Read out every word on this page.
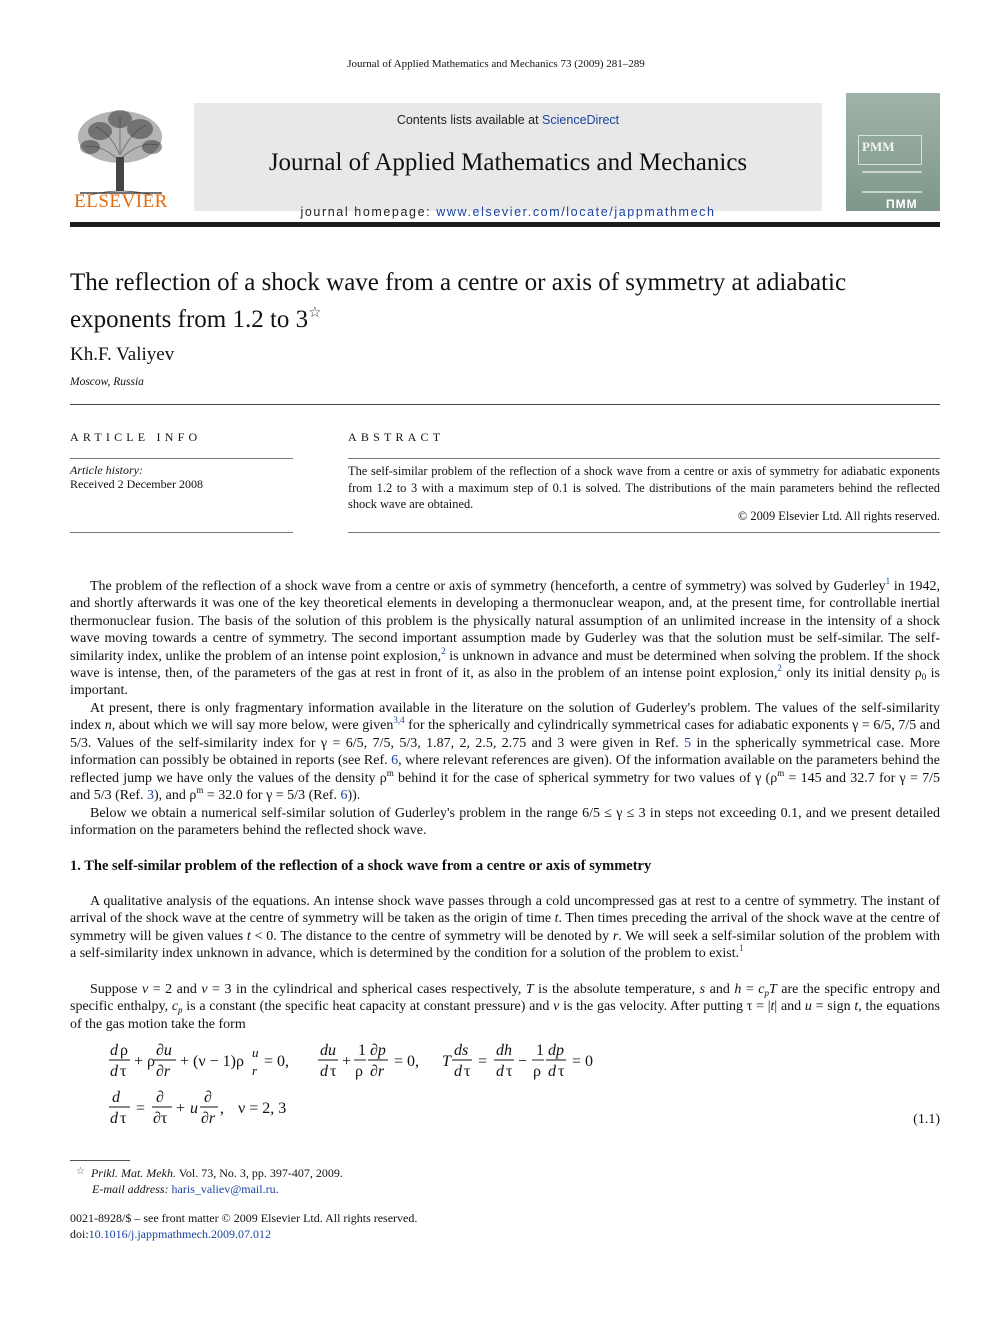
Journal of Applied Mathematics and Mechanics 73 (2009) 281–289
ELSEVIER
Contents lists available at ScienceDirect
Journal of Applied Mathematics and Mechanics
journal homepage: www.elsevier.com/locate/jappmathmech
PMM
ПММ
The reflection of a shock wave from a centre or axis of symmetry at adiabatic exponents from 1.2 to 3☆
Kh.F. Valiyev
Moscow, Russia
ARTICLE INFO	ABSTRACT
Article history:
Received 2 December 2008
The self-similar problem of the reflection of a shock wave from a centre or axis of symmetry for adiabatic exponents from 1.2 to 3 with a maximum step of 0.1 is solved. The distributions of the main parameters behind the reflected shock wave are obtained.
© 2009 Elsevier Ltd. All rights reserved.

The problem of the reflection of a shock wave from a centre or axis of symmetry (henceforth, a centre of symmetry) was solved by Guderley$^1$ in 1942, and shortly afterwards it was one of the key theoretical elements in developing a thermonuclear weapon, and, at the present time, for controllable inertial thermonuclear fusion. The basis of the solution of this problem is the physically natural assumption of an unlimited increase in the intensity of a shock wave moving towards a centre of symmetry. The second important assumption made by Guderley was that the solution must be self-similar. The self-similarity index, unlike the problem of an intense point explosion,$^2$ is unknown in advance and must be determined when solving the problem. If the shock wave is intense, then, of the parameters of the gas at rest in front of it, as also in the problem of an intense point explosion,$^2$ only its initial density $\rho_0$ is important.

At present, there is only fragmentary information available in the literature on the solution of Guderley's problem. The values of the self-similarity index n, about which we will say more below, were given$^{3,4}$ for the spherically and cylindrically symmetrical cases for adiabatic exponents γ = 6/5, 7/5 and 5/3. Values of the self-similarity index for γ = 6/5, 7/5, 5/3, 1.87, 2, 2.5, 2.75 and 3 were given in Ref. 5 in the spherically symmetrical case. More information can possibly be obtained in reports (see Ref. 6, where relevant references are given). Of the information available on the parameters behind the reflected jump we have only the values of the density $\rho^m$ behind it for the case of spherical symmetry for two values of γ ($\rho^m = 145$ and 32.7 for γ = 7/5 and 5/3 (Ref. 3), and $\rho^m = 32.0$ for γ = 5/3 (Ref. 6)).

Below we obtain a numerical self-similar solution of Guderley's problem in the range 6/5 ≤ γ ≤ 3 in steps not exceeding 0.1, and we present detailed information on the parameters behind the reflected shock wave.

1. The self-similar problem of the reflection of a shock wave from a centre or axis of symmetry

A qualitative analysis of the equations. An intense shock wave passes through a cold uncompressed gas at rest to a centre of symmetry. The instant of arrival of the shock wave at the centre of symmetry will be taken as the origin of time t. Then times preceding the arrival of the shock wave at the centre of symmetry will be given values t < 0. The distance to the centre of symmetry will be denoted by r. We will seek a self-similar solution of the problem with a self-similarity index unknown in advance, which is determined by the condition for a solution of the problem to exist.$^1$

Suppose ν = 2 and ν = 3 in the cylindrical and spherical cases respectively, T is the absolute temperature, s and $h = c_pT$ are the specific entropy and specific enthalpy, $c_p$ is a constant (the specific heat capacity at constant pressure) and v is the gas velocity. After putting τ = |t| and u = sign t, the equations of the gas motion take the form

d ρ
d τ
+ ρ
∂u
∂r
+ (ν − 1)ρ
u
r
= 0,
du
d τ
+
1
ρ
∂p
∂r
= 0, T
ds
d τ
=
dh
d τ
−
1
ρ
dp
d τ
= 0
d
d τ
=
∂
∂τ
+ u
∂
∂r
, ν = 2, 3
(1.1)
☆ Prikl. Mat. Mekh. Vol. 73, No. 3, pp. 397-407, 2009.
E-mail address: haris_valiev@mail.ru.
0021-8928/$ – see front matter © 2009 Elsevier Ltd. All rights reserved.
doi:10.1016/j.jappmathmech.2009.07.012
